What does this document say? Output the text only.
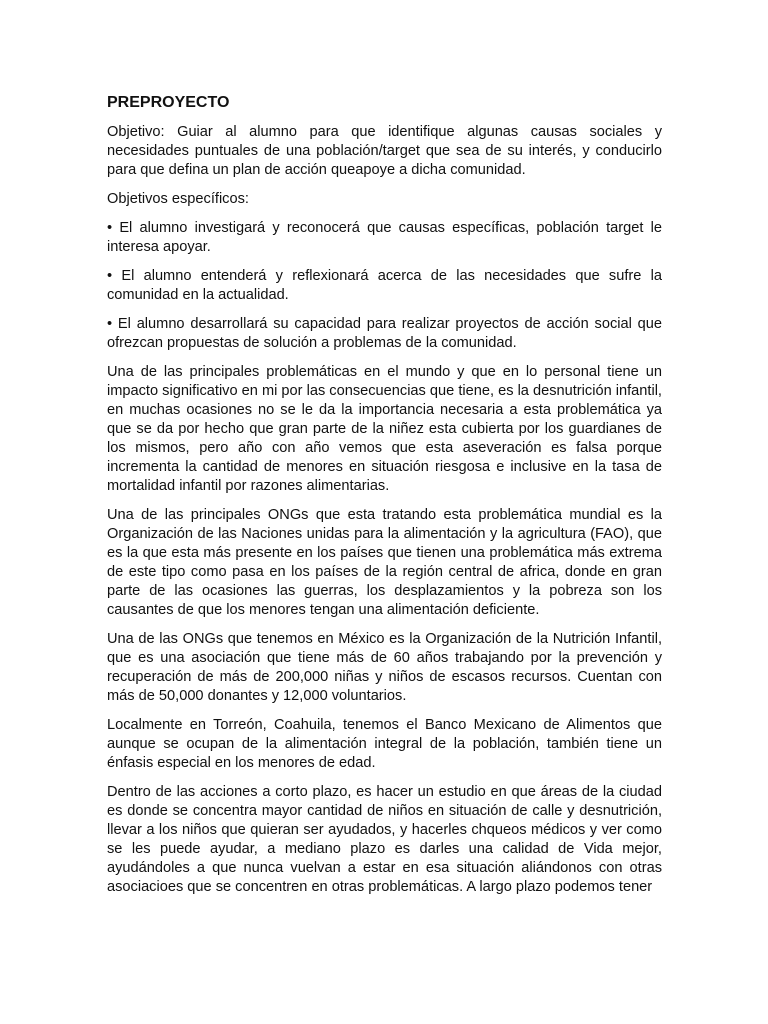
PREPROYECTO

Objetivo: Guiar al alumno para que identifique algunas causas sociales y necesidades puntuales de una población/target que sea de su interés, y conducirlo para que defina un plan de acción queapoye a dicha comunidad.

Objetivos específicos:

• El alumno investigará y reconocerá que causas específicas, población target le interesa apoyar.
• El alumno entenderá y reflexionará acerca de las necesidades que sufre la comunidad en la actualidad.
• El alumno desarrollará su capacidad para realizar proyectos de acción social que ofrezcan propuestas de solución a problemas de la comunidad.

Una de las principales problemáticas en el mundo y que en lo personal tiene un impacto significativo en mi por las consecuencias que tiene, es la desnutrición infantil, en muchas ocasiones no se le da la importancia necesaria a esta problemática ya que se da por hecho que gran parte de la niñez esta cubierta por los guardianes de los mismos, pero año con año vemos que esta aseveración es falsa porque incrementa la cantidad de menores en situación riesgosa e inclusive en la tasa de mortalidad infantil por razones alimentarias.

Una de las principales ONGs que esta tratando esta problemática mundial es la Organización de las Naciones unidas para la alimentación y la agricultura (FAO), que es la que esta más presente en los países que tienen una problemática más extrema de este tipo como pasa en los países de la región central de africa, donde en gran parte de las ocasiones las guerras, los desplazamientos y la pobreza son los causantes de que los menores tengan una alimentación deficiente.

Una de las ONGs que tenemos en México es la Organización de la Nutrición Infantil, que es una asociación que tiene más de 60 años trabajando por la prevención y recuperación de más de 200,000 niñas y niños de escasos recursos. Cuentan con más de 50,000 donantes y 12,000 voluntarios.

Localmente en Torreón, Coahuila, tenemos el Banco Mexicano de Alimentos que aunque se ocupan de la alimentación integral de la población, también tiene un énfasis especial en los menores de edad.

Dentro de las acciones a corto plazo, es hacer un estudio en que áreas de la ciudad es donde se concentra mayor cantidad de niños en situación de calle y desnutrición, llevar a los niños que quieran ser ayudados, y hacerles chqueos médicos y ver como se les puede ayudar, a mediano plazo es darles una calidad de Vida mejor, ayudándoles a que nunca vuelvan a estar en esa situación aliándonos con otras asociacioes que se concentren en otras problemáticas. A largo plazo podemos tener
